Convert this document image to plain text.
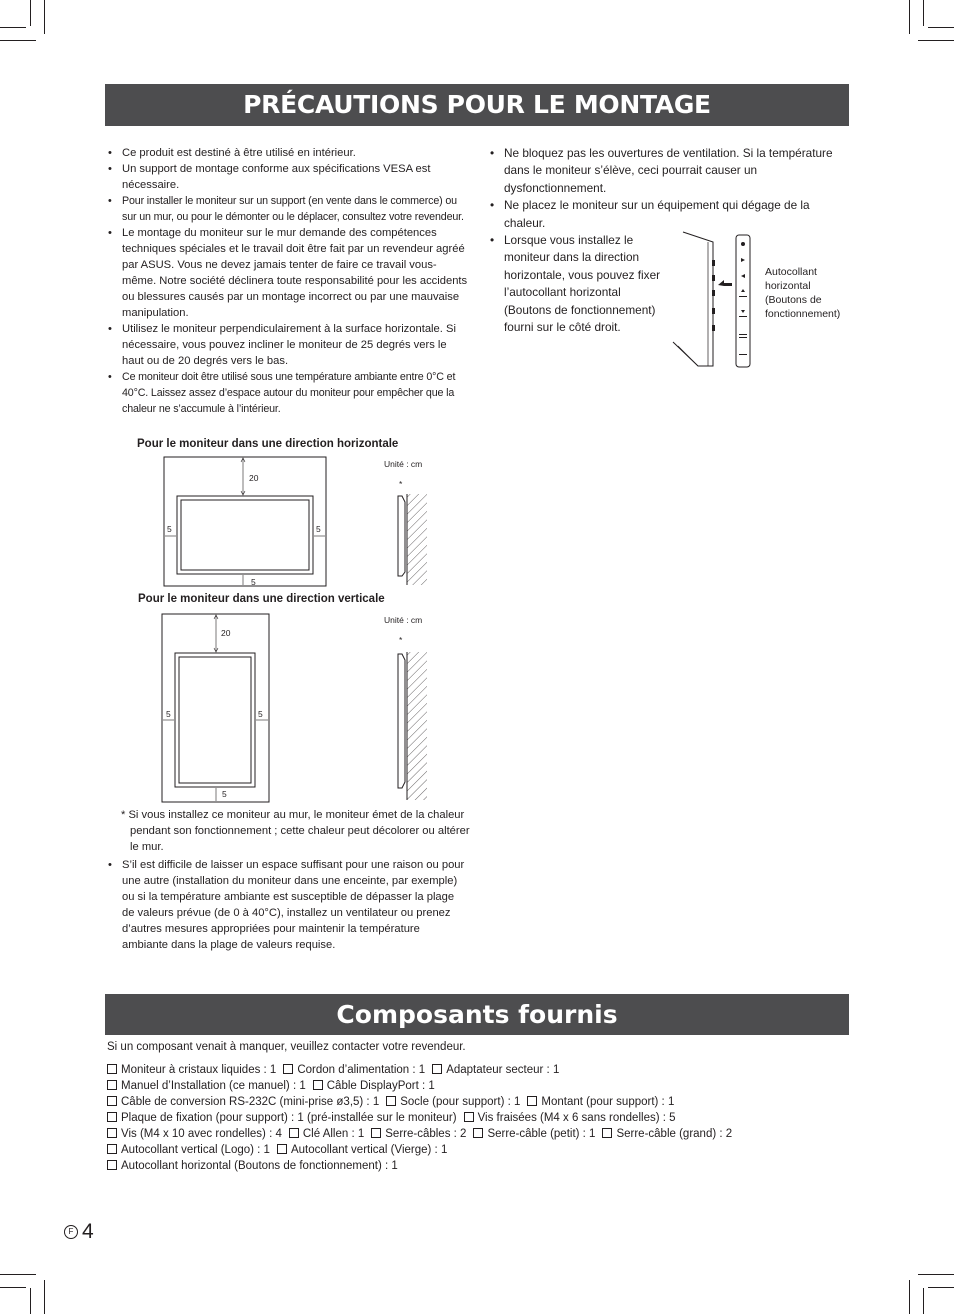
PRÉCAUTIONS POUR LE MONTAGE
• Ce produit est destiné à être utilisé en intérieur.
• Un support de montage conforme aux spécifications VESA est nécessaire.
• Pour installer le moniteur sur un support (en vente dans le commerce) ou sur un mur, ou pour le démonter ou le déplacer, consultez votre revendeur.
• Le montage du moniteur sur le mur demande des compétences techniques spéciales et le travail doit être fait par un revendeur agréé par ASUS. Vous ne devez jamais tenter de faire ce travail vous-même. Notre société déclinera toute responsabilité pour les accidents ou blessures causés par un montage incorrect ou par une mauvaise manipulation.
• Utilisez le moniteur perpendiculairement à la surface horizontale. Si nécessaire, vous pouvez incliner le moniteur de 25 degrés vers le haut ou de 20 degrés vers le bas.
• Ce moniteur doit être utilisé sous une température ambiante entre 0°C et 40°C. Laissez assez d’espace autour du moniteur pour empêcher que la chaleur ne s’accumule à l’intérieur.
• Ne bloquez pas les ouvertures de ventilation. Si la température dans le moniteur s’élève, ceci pourrait causer un dysfonctionnement.
• Ne placez le moniteur sur un équipement qui dégage de la chaleur.
• Lorsque vous installez le moniteur dans la direction horizontale, vous pouvez fixer l’autocollant horizontal (Boutons de fonctionnement) fourni sur le côté droit.
Autocollant horizontal (Boutons de fonctionnement)
Pour le moniteur dans une direction horizontale
20
5	5
5
Unité : cm
*
Pour le moniteur dans une direction verticale
20
5	5
5
Unité : cm
*
* Si vous installez ce moniteur au mur, le moniteur émet de la chaleur pendant son fonctionnement ; cette chaleur peut décolorer ou altérer le mur.
• S’il est difficile de laisser un espace suffisant pour une raison ou pour une autre (installation du moniteur dans une enceinte, par exemple) ou si la température ambiante est susceptible de dépasser la plage de valeurs prévue (de 0 à 40°C), installez un ventilateur ou prenez d’autres mesures appropriées pour maintenir la température ambiante dans la plage de valeurs requise.
Composants fournis
Si un composant venait à manquer, veuillez contacter votre revendeur.
Moniteur à cristaux liquides : 1 Cordon d’alimentation : 1 Adaptateur secteur : 1
Manuel d’Installation (ce manuel) : 1 Câble DisplayPort : 1
Câble de conversion RS-232C (mini-prise ø3,5) : 1 Socle (pour support) : 1 Montant (pour support) : 1
Plaque de fixation (pour support) : 1 (pré-installée sur le moniteur) Vis fraisées (M4 x 6 sans rondelles) : 5
Vis (M4 x 10 avec rondelles) : 4 Clé Allen : 1 Serre-câbles : 2 Serre-câble (petit) : 1 Serre-câble (grand) : 2
Autocollant vertical (Logo) : 1 Autocollant vertical (Vierge) : 1
Autocollant horizontal (Boutons de fonctionnement) : 1
F 4
